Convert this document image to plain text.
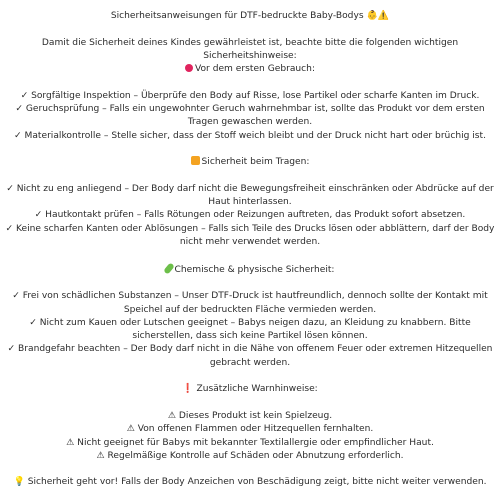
Sicherheitsanweisungen für DTF-bedruckte Baby-Bodys 👶⚠️
Damit die Sicherheit deines Kindes gewährleistet ist, beachte bitte die folgenden wichtigen
Sicherheitshinweise:
Vor dem ersten Gebrauch:
✓ Sorgfältige Inspektion – Überprüfe den Body auf Risse, lose Partikel oder scharfe Kanten im Druck.
✓ Geruchsprüfung – Falls ein ungewohnter Geruch wahrnehmbar ist, sollte das Produkt vor dem ersten
Tragen gewaschen werden.
✓ Materialkontrolle – Stelle sicher, dass der Stoff weich bleibt und der Druck nicht hart oder brüchig ist.
Sicherheit beim Tragen:
✓ Nicht zu eng anliegend – Der Body darf nicht die Bewegungsfreiheit einschränken oder Abdrücke auf der
Haut hinterlassen.
✓ Hautkontakt prüfen – Falls Rötungen oder Reizungen auftreten, das Produkt sofort absetzen.
✓ Keine scharfen Kanten oder Ablösungen – Falls sich Teile des Drucks lösen oder abblättern, darf der Body
nicht mehr verwendet werden.
Chemische & physische Sicherheit:
✓ Frei von schädlichen Substanzen – Unser DTF-Druck ist hautfreundlich, dennoch sollte der Kontakt mit
Speichel auf der bedruckten Fläche vermieden werden.
✓ Nicht zum Kauen oder Lutschen geeignet – Babys neigen dazu, an Kleidung zu knabbern. Bitte
sicherstellen, dass sich keine Partikel lösen können.
✓ Brandgefahr beachten – Der Body darf nicht in die Nähe von offenem Feuer oder extremen Hitzequellen
gebracht werden.
❗ Zusätzliche Warnhinweise:
⚠ Dieses Produkt ist kein Spielzeug.
⚠ Von offenen Flammen oder Hitzequellen fernhalten.
⚠ Nicht geeignet für Babys mit bekannter Textilallergie oder empfindlicher Haut.
⚠ Regelmäßige Kontrolle auf Schäden oder Abnutzung erforderlich.
💡 Sicherheit geht vor! Falls der Body Anzeichen von Beschädigung zeigt, bitte nicht weiter verwenden.
